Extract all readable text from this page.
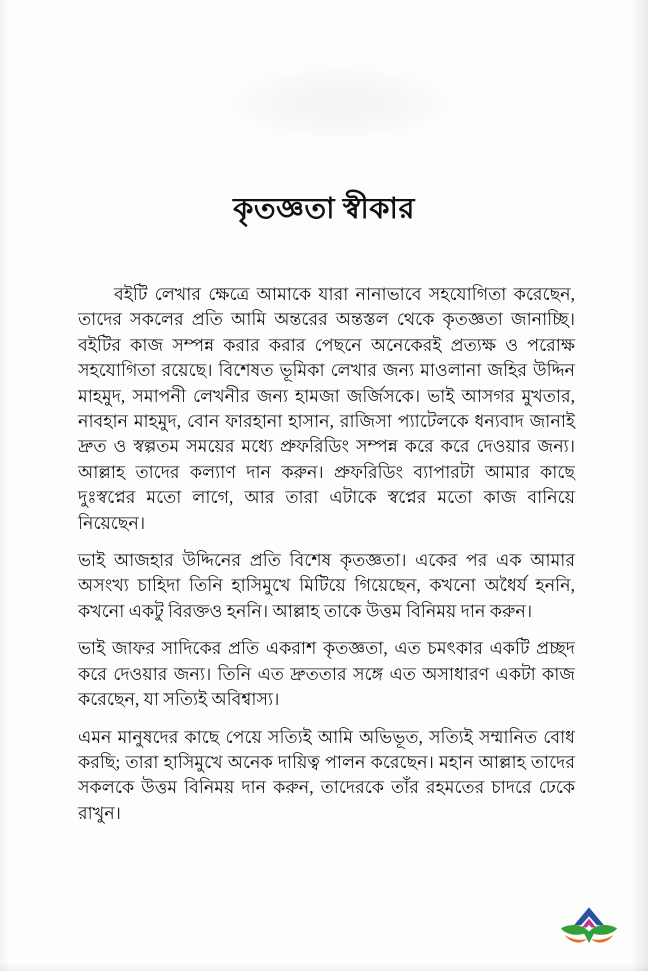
কৃতজ্ঞতা স্বীকার

বইটি লেখার ক্ষেত্রে আমাকে যারা নানাভাবে সহযোগিতা করেছেন, তাদের সকলের প্রতি আমি অন্তরের অন্তস্তল থেকে কৃতজ্ঞতা জানাচ্ছি। বইটির কাজ সম্পন্ন করার করার পেছনে অনেকেরই প্রত্যক্ষ ও পরোক্ষ সহযোগিতা রয়েছে। বিশেষত ভূমিকা লেখার জন্য মাওলানা জহির উদ্দিন মাহমুদ, সমাপনী লেখনীর জন্য হামজা জর্জিসকে। ভাই আসগর মুখতার, নাবহান মাহমুদ, বোন ফারহানা হাসান, রাজিসা প্যাটেলকে ধন্যবাদ জানাই দ্রুত ও স্বল্পতম সময়ের মধ্যে প্রুফরিডিং সম্পন্ন করে করে দেওয়ার জন্য। আল্লাহ তাদের কল্যাণ দান করুন। প্রুফরিডিং ব্যাপারটা আমার কাছে দুঃস্বপ্নের মতো লাগে, আর তারা এটাকে স্বপ্নের মতো কাজ বানিয়ে নিয়েছেন।

ভাই আজহার উদ্দিনের প্রতি বিশেষ কৃতজ্ঞতা। একের পর এক আমার অসংখ্য চাহিদা তিনি হাসিমুখে মিটিয়ে গিয়েছেন, কখনো অধৈর্য হননি, কখনো একটু বিরক্তও হননি। আল্লাহ তাকে উত্তম বিনিময় দান করুন।

ভাই জাফর সাদিকের প্রতি একরাশ কৃতজ্ঞতা, এত চমৎকার একটি প্রচ্ছদ করে দেওয়ার জন্য। তিনি এত দ্রুততার সঙ্গে এত অসাধারণ একটা কাজ করেছেন, যা সত্যিই অবিশ্বাস্য।

এমন মানুষদের কাছে পেয়ে সত্যিই আমি অভিভূত, সত্যিই সম্মানিত বোধ করছি; তারা হাসিমুখে অনেক দায়িত্ব পালন করেছেন। মহান আল্লাহ তাদের সকলকে উত্তম বিনিময় দান করুন, তাদেরকে তাঁর রহমতের চাদরে ঢেকে রাখুন।
